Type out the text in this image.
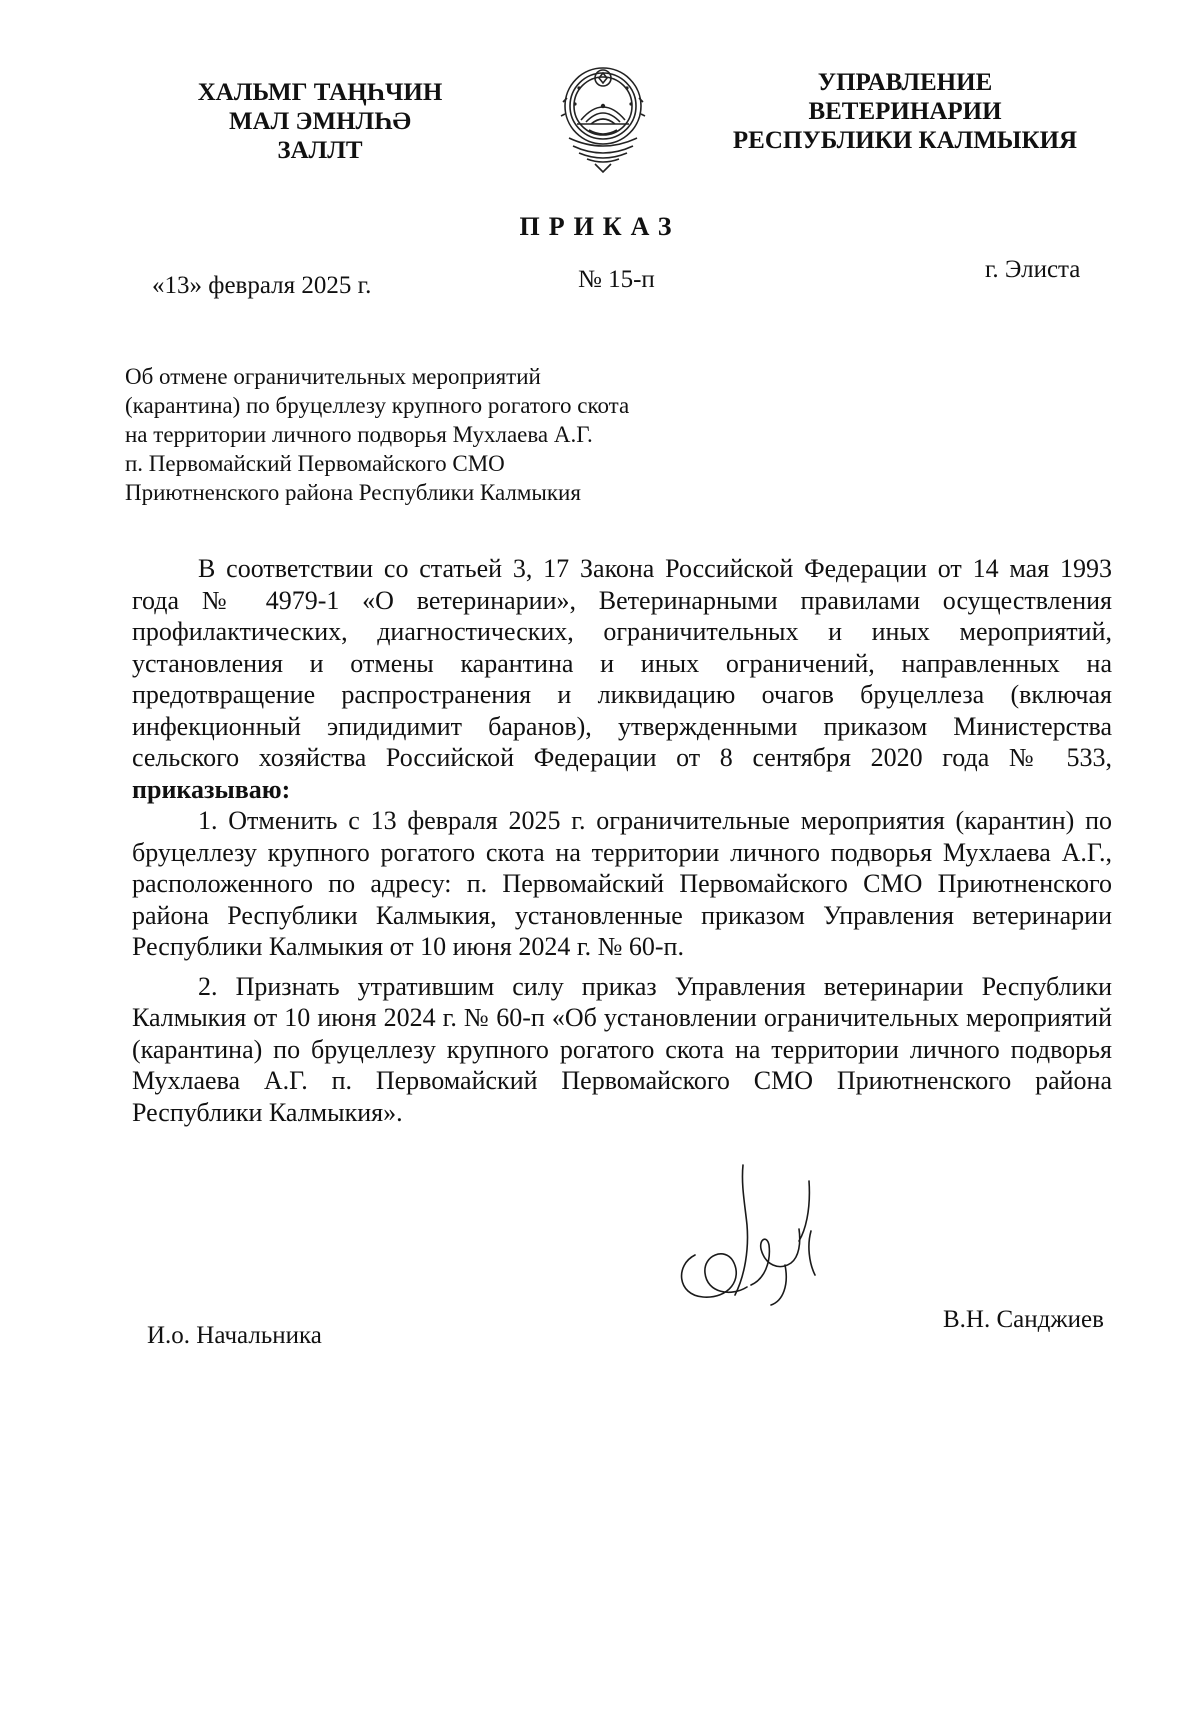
ХАЛЬМГ ТАҢҺЧИН
МАЛ ЭМНЛҺӘ
ЗАЛЛТ
УПРАВЛЕНИЕ
ВЕТЕРИНАРИИ
РЕСПУБЛИКИ КАЛМЫКИЯ
ПРИКАЗ
«13» февраля 2025 г.	№ 15-п	г. Элиста
Об отмене ограничительных мероприятий
(карантина) по бруцеллезу крупного рогатого скота
на территории личного подворья Мухлаева А.Г.
п. Первомайский Первомайского СМО
Приютненского района Республики Калмыкия

В соответствии со статьей 3, 17 Закона Российской Федерации от 14 мая 1993 года № 4979-1 «О ветеринарии», Ветеринарными правилами осуществления профилактических, диагностических, ограничительных и иных мероприятий, установления и отмены карантина и иных ограничений, направленных на предотвращение распространения и ликвидацию очагов бруцеллеза (включая инфекционный эпидидимит баранов), утвержденными приказом Министерства сельского хозяйства Российской Федерации от 8 сентября 2020 года № 533, приказываю:

1. Отменить с 13 февраля 2025 г. ограничительные мероприятия (карантин) по бруцеллезу крупного рогатого скота на территории личного подворья Мухлаева А.Г., расположенного по адресу: п. Первомайский Первомайского СМО Приютненского района Республики Калмыкия, установленные приказом Управления ветеринарии Республики Калмыкия от 10 июня 2024 г. № 60-п.

2. Признать утратившим силу приказ Управления ветеринарии Республики Калмыкия от 10 июня 2024 г. № 60-п «Об установлении ограничительных мероприятий (карантина) по бруцеллезу крупного рогатого скота на территории личного подворья Мухлаева А.Г. п. Первомайский Первомайского СМО Приютненского района Республики Калмыкия».

И.о. Начальника
В.Н. Санджиев
